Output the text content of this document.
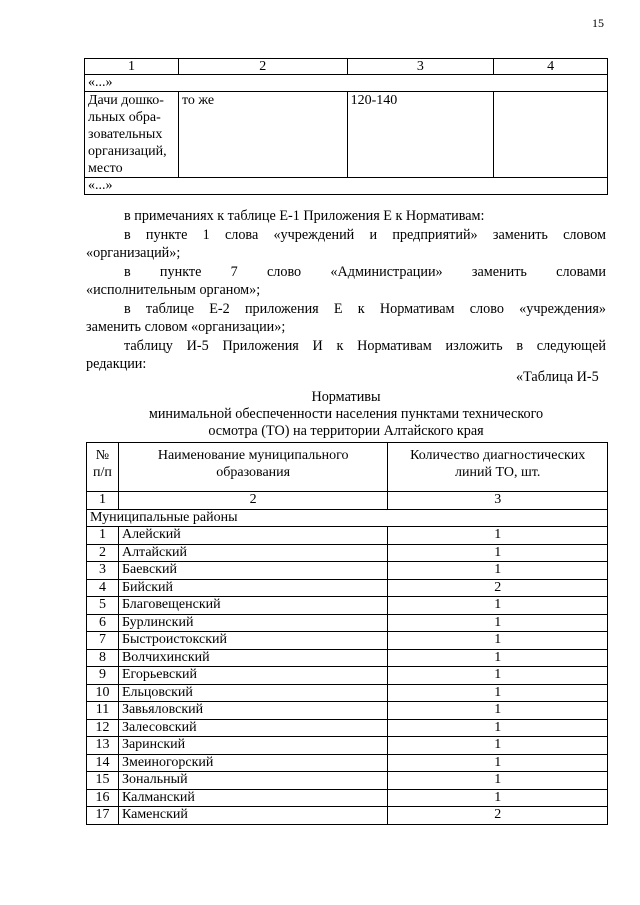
15
1	2	3	4
«...»			

Дачи дошко-
льных обра-
зовательных
организаций,
место	то же	120-140	
«...»			
в примечаниях к таблице Е-1 Приложения Е к Нормативам:
в пункте 1 слова «учреждений и предприятий» заменить словом
«организаций»;
в пункте 7 слово «Администрации» заменить словами
«исполнительным органом»;
в таблице Е-2 приложения Е к Нормативам слово «учреждения»
заменить словом «организации»;
таблицу И-5 Приложения И к Нормативам изложить в следующей
редакции:
«Таблица И-5
Нормативы
минимальной обеспеченности населения пунктами технического
осмотра (ТО) на территории Алтайского края
№ п/п	Наименование муниципального образования	Количество диагностических линий ТО, шт.
1	2	3
Муниципальные районы		
1	Алейский	1
2	Алтайский	1
3	Баевский	1
4	Бийский	2
5	Благовещенский	1
6	Бурлинский	1
7	Быстроистокский	1
8	Волчихинский	1
9	Егорьевский	1
10	Ельцовский	1
11	Завьяловский	1
12	Залесовский	1
13	Заринский	1
14	Змеиногорский	1
15	Зональный	1
16	Калманский	1
17	Каменский	2
